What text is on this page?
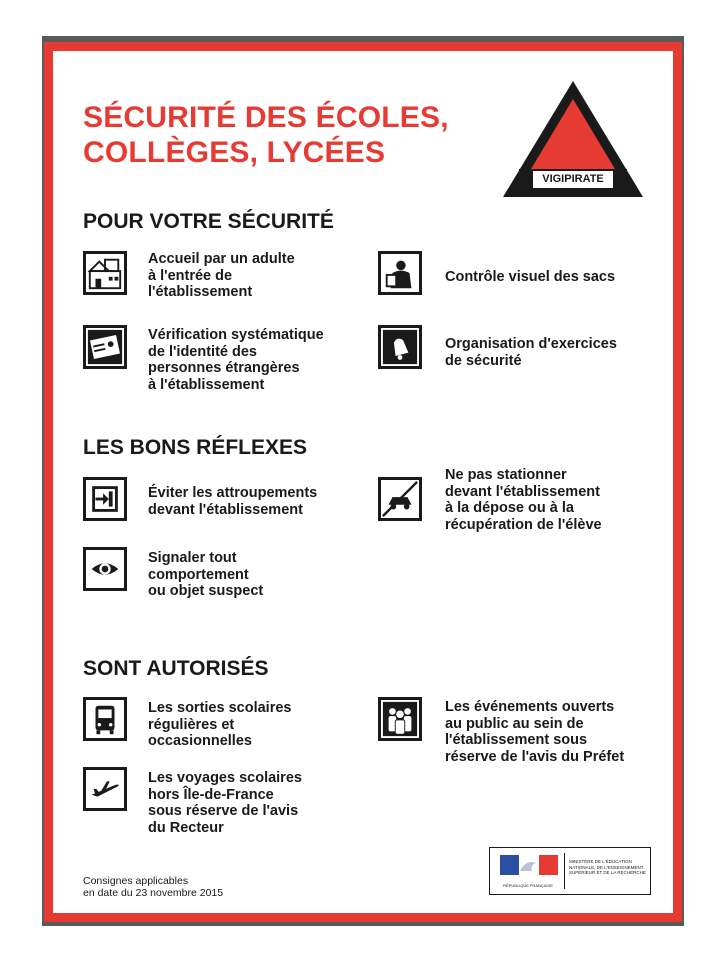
SÉCURITÉ DES ÉCOLES,
COLLÈGES, LYCÉES
VIGIPIRATE
POUR VOTRE SÉCURITÉ
Accueil par un adulte
à l'entrée de
l'établissement
Contrôle visuel des sacs
Vérification systématique
de l'identité des
personnes étrangères
à l'établissement
Organisation d'exercices
de sécurité
LES BONS RÉFLEXES
Éviter les attroupements
devant l'établissement
Ne pas stationner
devant l'établissement
à la dépose ou à la
récupération de l'élève
Signaler tout
comportement
ou objet suspect
SONT AUTORISÉS
Les sorties scolaires
régulières et
occasionnelles
Les événements ouverts
au public au sein de
l'établissement sous
réserve de l'avis du Préfet
Les voyages scolaires
hors Île-de-France
sous réserve de l'avis
du Recteur
Consignes applicables
en date du 23 novembre 2015
RÉPUBLIQUE FRANÇAISE
MINISTÈRE DE L'ÉDUCATION
NATIONALE, DE L'ENSEIGNEMENT
SUPÉRIEUR ET DE LA RECHERCHE
